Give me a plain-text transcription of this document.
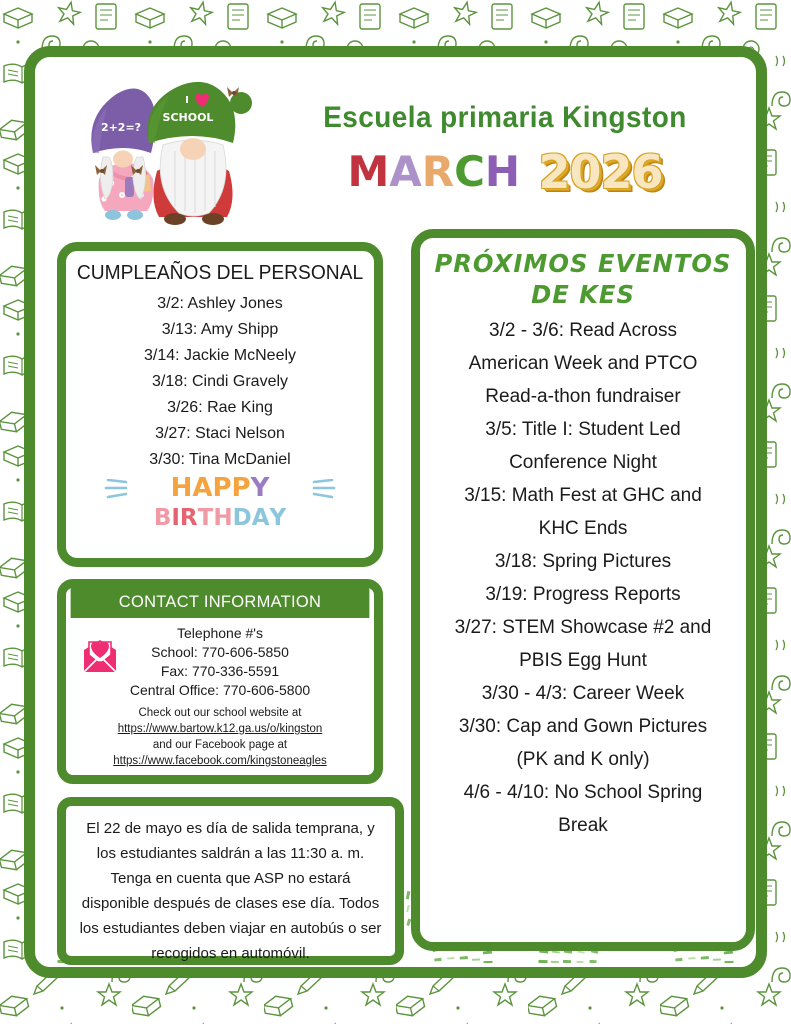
2+2=?
I
SCHOOL	Escuela primaria Kingston
MARCH 2026
CUMPLEAÑOS DEL PERSONAL
3/2: Ashley Jones
3/13: Amy Shipp
3/14: Jackie McNeely
3/18: Cindi Gravely
3/26: Rae King
3/27: Staci Nelson
3/30: Tina McDaniel
HAPPY
BIRTHDAY
CONTACT INFORMATION
Telephone #'s
School: 770-606-5850
Fax: 770-336-5591
Central Office: 770-606-5800
Check out our school website at
https://www.bartow.k12.ga.us/o/kingston
and our Facebook page at
https://www.facebook.com/kingstoneagles
El 22 de mayo es día de salida temprana, y los estudiantes saldrán a las 11:30 a. m. Tenga en cuenta que ASP no estará disponible después de clases ese día. Todos los estudiantes deben viajar en autobús o ser recogidos en automóvil.
PRÓXIMOS EVENTOS
DE KES
3/2 - 3/6: Read Across
American Week and PTCO
Read-a-thon fundraiser
3/5: Title I: Student Led
Conference Night
3/15: Math Fest at GHC and
KHC Ends
3/18: Spring Pictures
3/19: Progress Reports
3/27: STEM Showcase #2 and
PBIS Egg Hunt
3/30 - 4/3: Career Week
3/30: Cap and Gown Pictures
(PK and K only)
4/6 - 4/10: No School Spring
Break
